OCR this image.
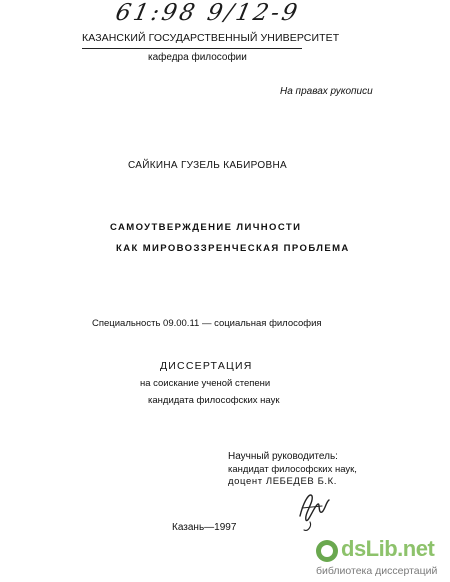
61:98 9/12-9
КАЗАНСКИЙ ГОСУДАРСТВЕННЫЙ УНИВЕРСИТЕТ
кафедра философии
На правах рукописи
САЙКИНА ГУЗЕЛЬ КАБИРОВНА
САМОУТВЕРЖДЕНИЕ ЛИЧНОСТИ
КАК МИРОВОЗЗРЕНЧЕСКАЯ ПРОБЛЕМА
Специальность 09.00.11 — социальная философия
ДИССЕРТАЦИЯ
на соискание ученой степени
кандидата философских наук
Научный руководитель:
кандидат философских наук,
доцент ЛЕБЕДЕВ Б.К.
Казань—1997
dsLib.net
библиотека диссертаций
